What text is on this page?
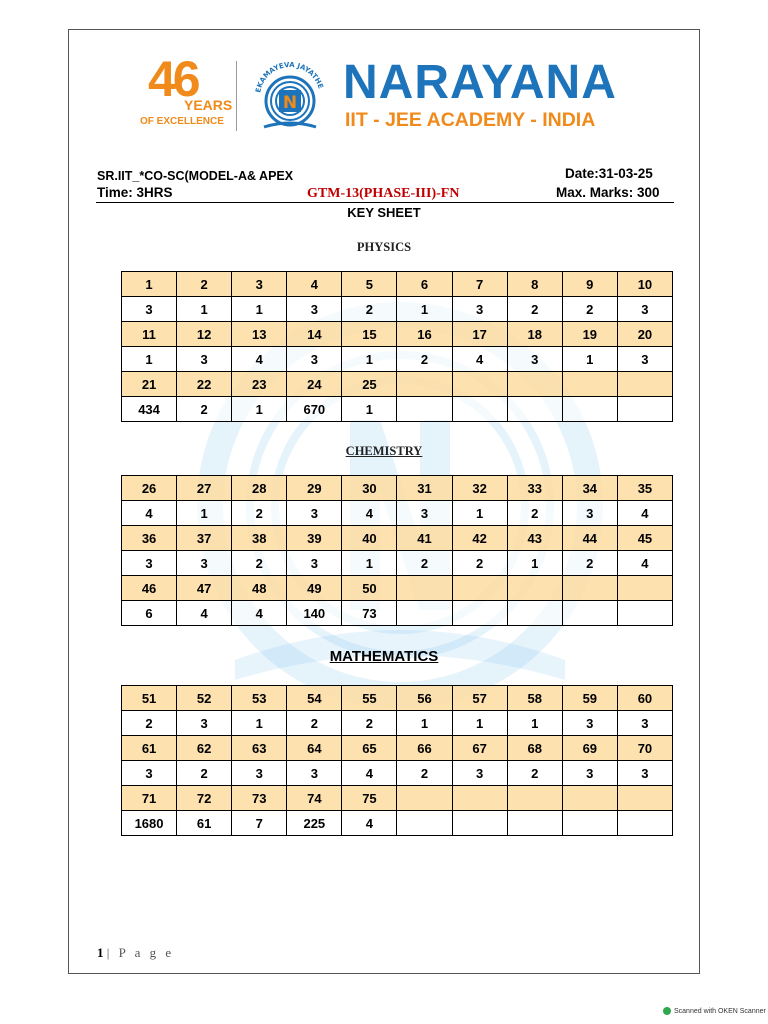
46
YEARS
OF EXCELLENCE
EKAMAYEVA JAYATHE
N NARAYANA
IIT - JEE ACADEMY - INDIA
SR.IIT_*CO-SC(MODEL-A& APEX	Date:31-03-25
Time: 3HRS	GTM-13(PHASE-III)-FN	Max. Marks: 300
KEY SHEET
PHYSICS
1	2	3	4	5	6	7	8	9	10
3	1	1	3	2	1	3	2	2	3
11	12	13	14	15	16	17	18	19	20
1	3	4	3	1	2	4	3	1	3
21	22	23	24	25					
434	2	1	670	1					
CHEMISTRY
26	27	28	29	30	31	32	33	34	35
4	1	2	3	4	3	1	2	3	4
36	37	38	39	40	41	42	43	44	45
3	3	2	3	1	2	2	1	2	4
46	47	48	49	50					
6	4	4	140	73					
MATHEMATICS
51	52	53	54	55	56	57	58	59	60
2	3	1	2	2	1	1	1	3	3
61	62	63	64	65	66	67	68	69	70
3	2	3	3	4	2	3	2	3	3
71	72	73	74	75					
1680	61	7	225	4					
1 | P a g e
Scanned with OKEN Scanner
